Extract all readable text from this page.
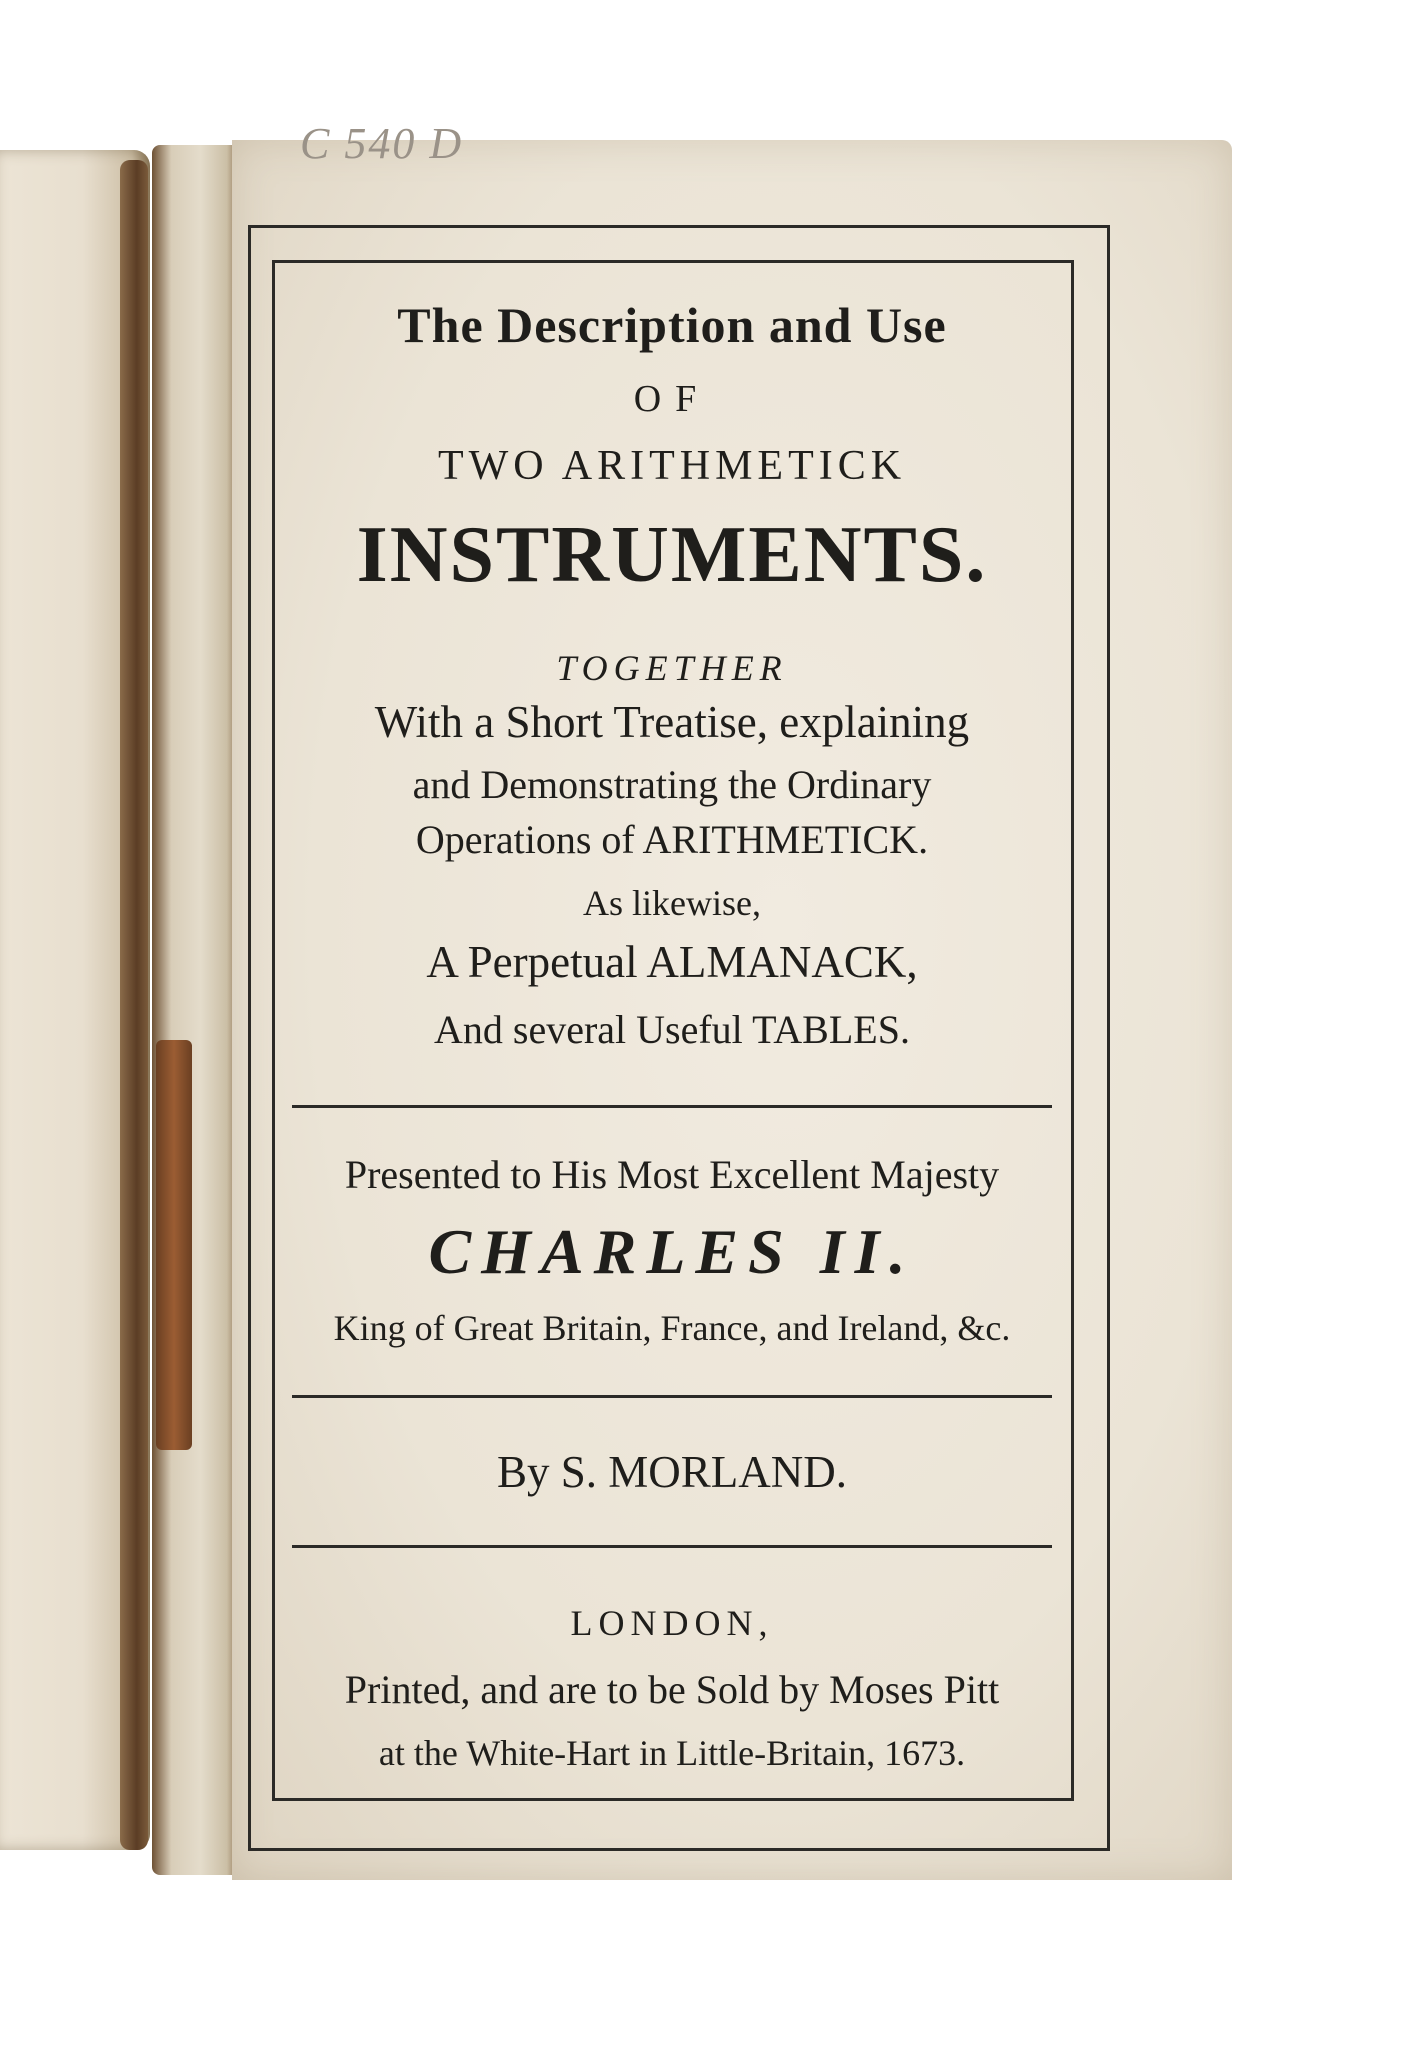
C 540 D

The Description and Use

OF

TWO ARITHMETICK

INSTRUMENTS.

TOGETHER

With a Short Treatise, explaining

and Demonstrating the Ordinary

Operations of ARITHMETICK.

As likewise,

A Perpetual ALMANACK,

And several Useful TABLES.

Presented to His Most Excellent Majesty

CHARLES II.

King of Great Britain, France, and Ireland, &c.

By S. MORLAND.

LONDON,

Printed, and are to be Sold by Moses Pitt

at the White-Hart in Little-Britain, 1673.
